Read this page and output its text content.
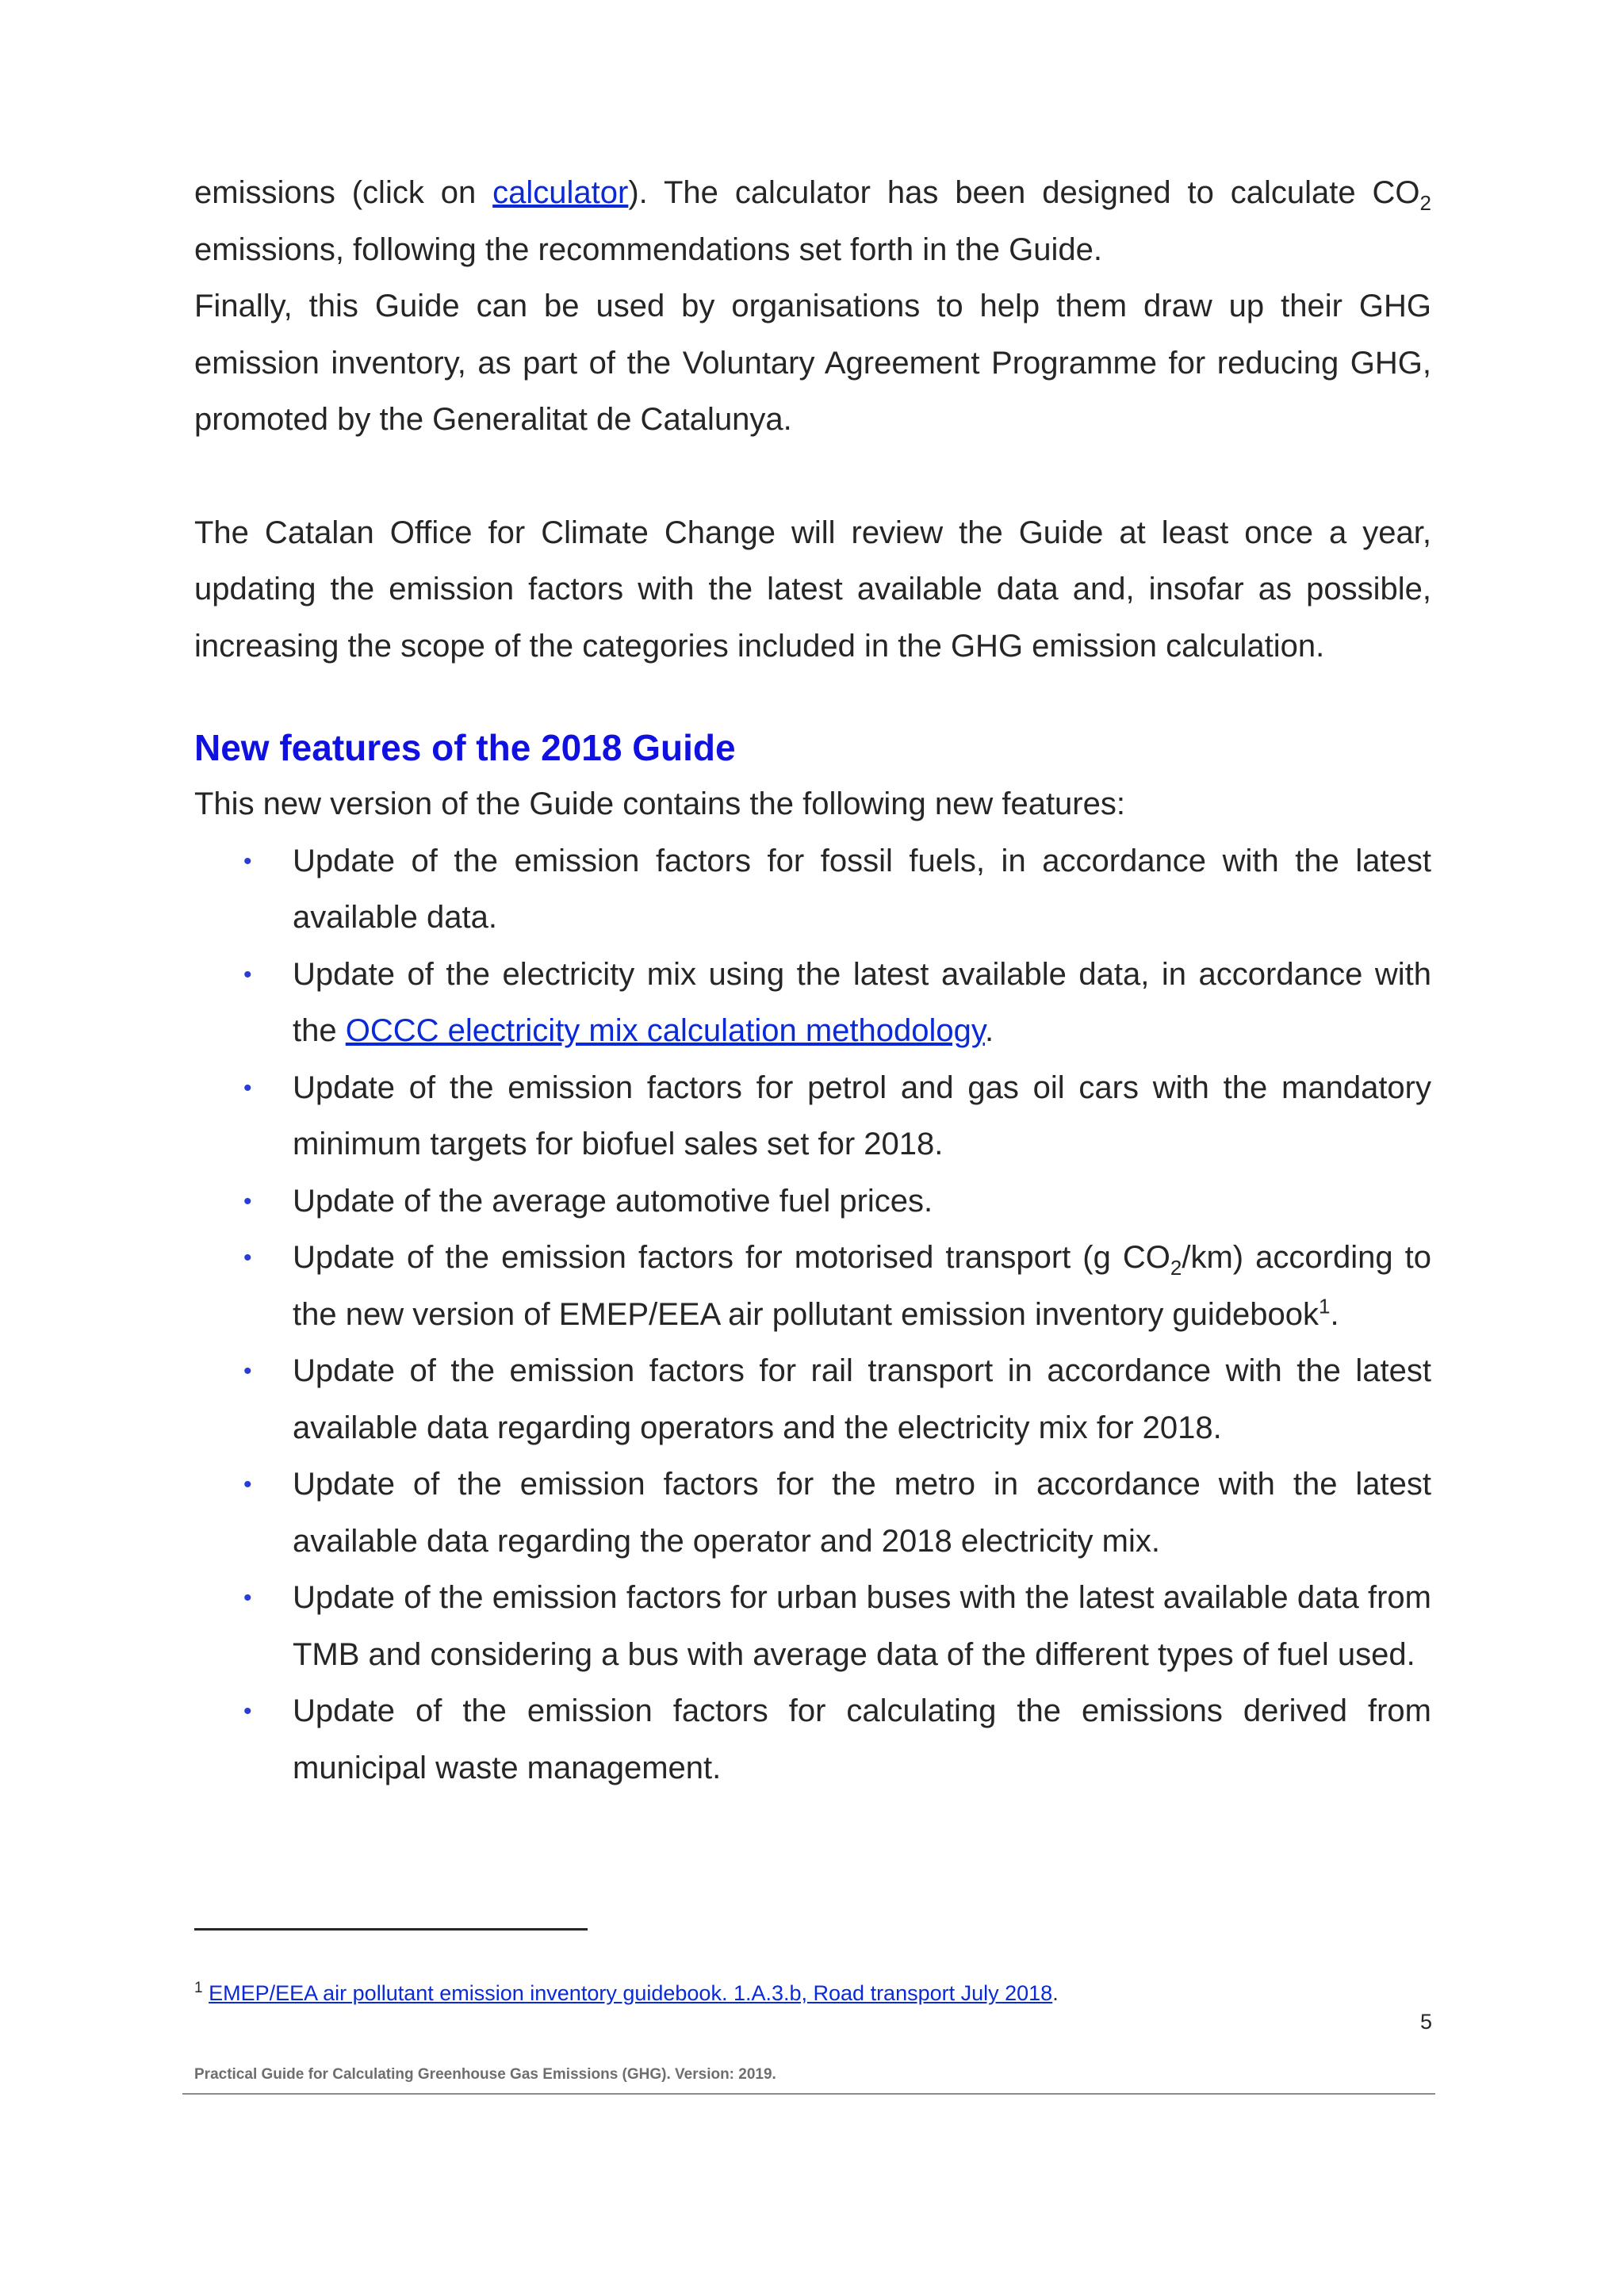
emissions (click on calculator). The calculator has been designed to calculate $CO_2$ emissions, following the recommendations set forth in the Guide.

Finally, this Guide can be used by organisations to help them draw up their GHG emission inventory, as part of the Voluntary Agreement Programme for reducing GHG, promoted by the Generalitat de Catalunya.

The Catalan Office for Climate Change will review the Guide at least once a year, updating the emission factors with the latest available data and, insofar as possible, increasing the scope of the categories included in the GHG emission calculation.

New features of the 2018 Guide

This new version of the Guide contains the following new features:

• Update of the emission factors for fossil fuels, in accordance with the latest available data.
• Update of the electricity mix using the latest available data, in accordance with the OCCC electricity mix calculation methodology.
• Update of the emission factors for petrol and gas oil cars with the mandatory minimum targets for biofuel sales set for 2018.
• Update of the average automotive fuel prices.
• Update of the emission factors for motorised transport (g $CO_2/km$) according to the new version of EMEP/EEA air pollutant emission inventory guidebook$^1$.
• Update of the emission factors for rail transport in accordance with the latest available data regarding operators and the electricity mix for 2018.
• Update of the emission factors for the metro in accordance with the latest available data regarding the operator and 2018 electricity mix.
• Update of the emission factors for urban buses with the latest available data from TMB and considering a bus with average data of the different types of fuel used.
• Update of the emission factors for calculating the emissions derived from municipal waste management.
$^1$ EMEP/EEA air pollutant emission inventory guidebook. 1.A.3.b, Road transport July 2018.
5
Practical Guide for Calculating Greenhouse Gas Emissions (GHG). Version: 2019.
